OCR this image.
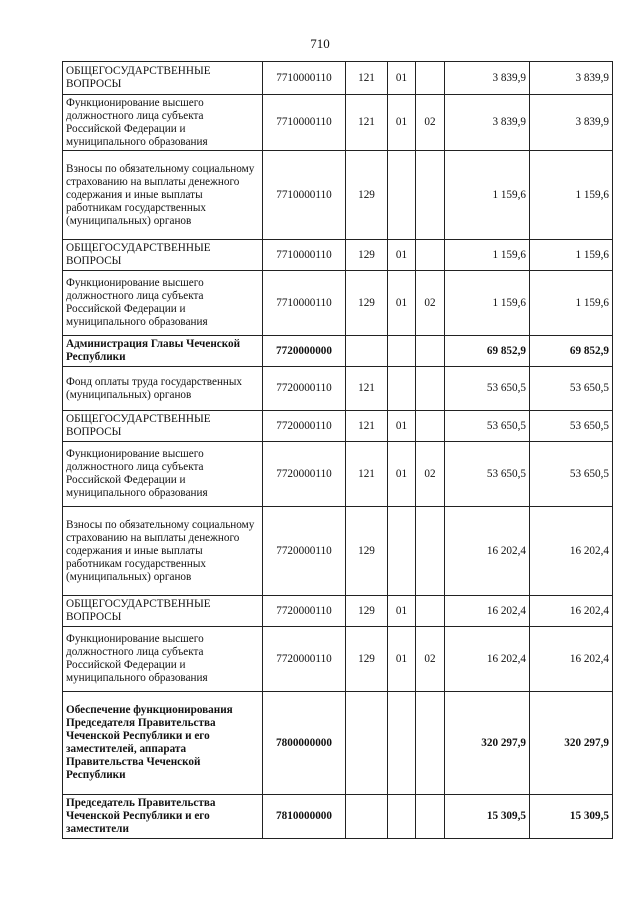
710
ОБЩЕГОСУДАРСТВЕННЫЕ ВОПРОСЫ	7710000110	121	01		3 839,9	3 839,9
Функционирование высшего должностного лица субъекта Российской Федерации и муниципального образования	7710000110	121	01	02	3 839,9	3 839,9
Взносы по обязательному социальному страхованию на выплаты денежного содержания и иные выплаты работникам государственных (муниципальных) органов	7710000110	129			1 159,6	1 159,6
ОБЩЕГОСУДАРСТВЕННЫЕ ВОПРОСЫ	7710000110	129	01		1 159,6	1 159,6
Функционирование высшего должностного лица субъекта Российской Федерации и муниципального образования	7710000110	129	01	02	1 159,6	1 159,6
Администрация Главы Чеченской Республики	7720000000				69 852,9	69 852,9
Фонд оплаты труда государственных (муниципальных) органов	7720000110	121			53 650,5	53 650,5
ОБЩЕГОСУДАРСТВЕННЫЕ ВОПРОСЫ	7720000110	121	01		53 650,5	53 650,5
Функционирование высшего должностного лица субъекта Российской Федерации и муниципального образования	7720000110	121	01	02	53 650,5	53 650,5
Взносы по обязательному социальному страхованию на выплаты денежного содержания и иные выплаты работникам государственных (муниципальных) органов	7720000110	129			16 202,4	16 202,4
ОБЩЕГОСУДАРСТВЕННЫЕ ВОПРОСЫ	7720000110	129	01		16 202,4	16 202,4
Функционирование высшего должностного лица субъекта Российской Федерации и муниципального образования	7720000110	129	01	02	16 202,4	16 202,4
Обеспечение функционирования Председателя Правительства Чеченской Республики и его заместителей, аппарата Правительства Чеченской Республики	7800000000				320 297,9	320 297,9
Председатель Правительства Чеченской Республики и его заместители	7810000000				15 309,5	15 309,5
